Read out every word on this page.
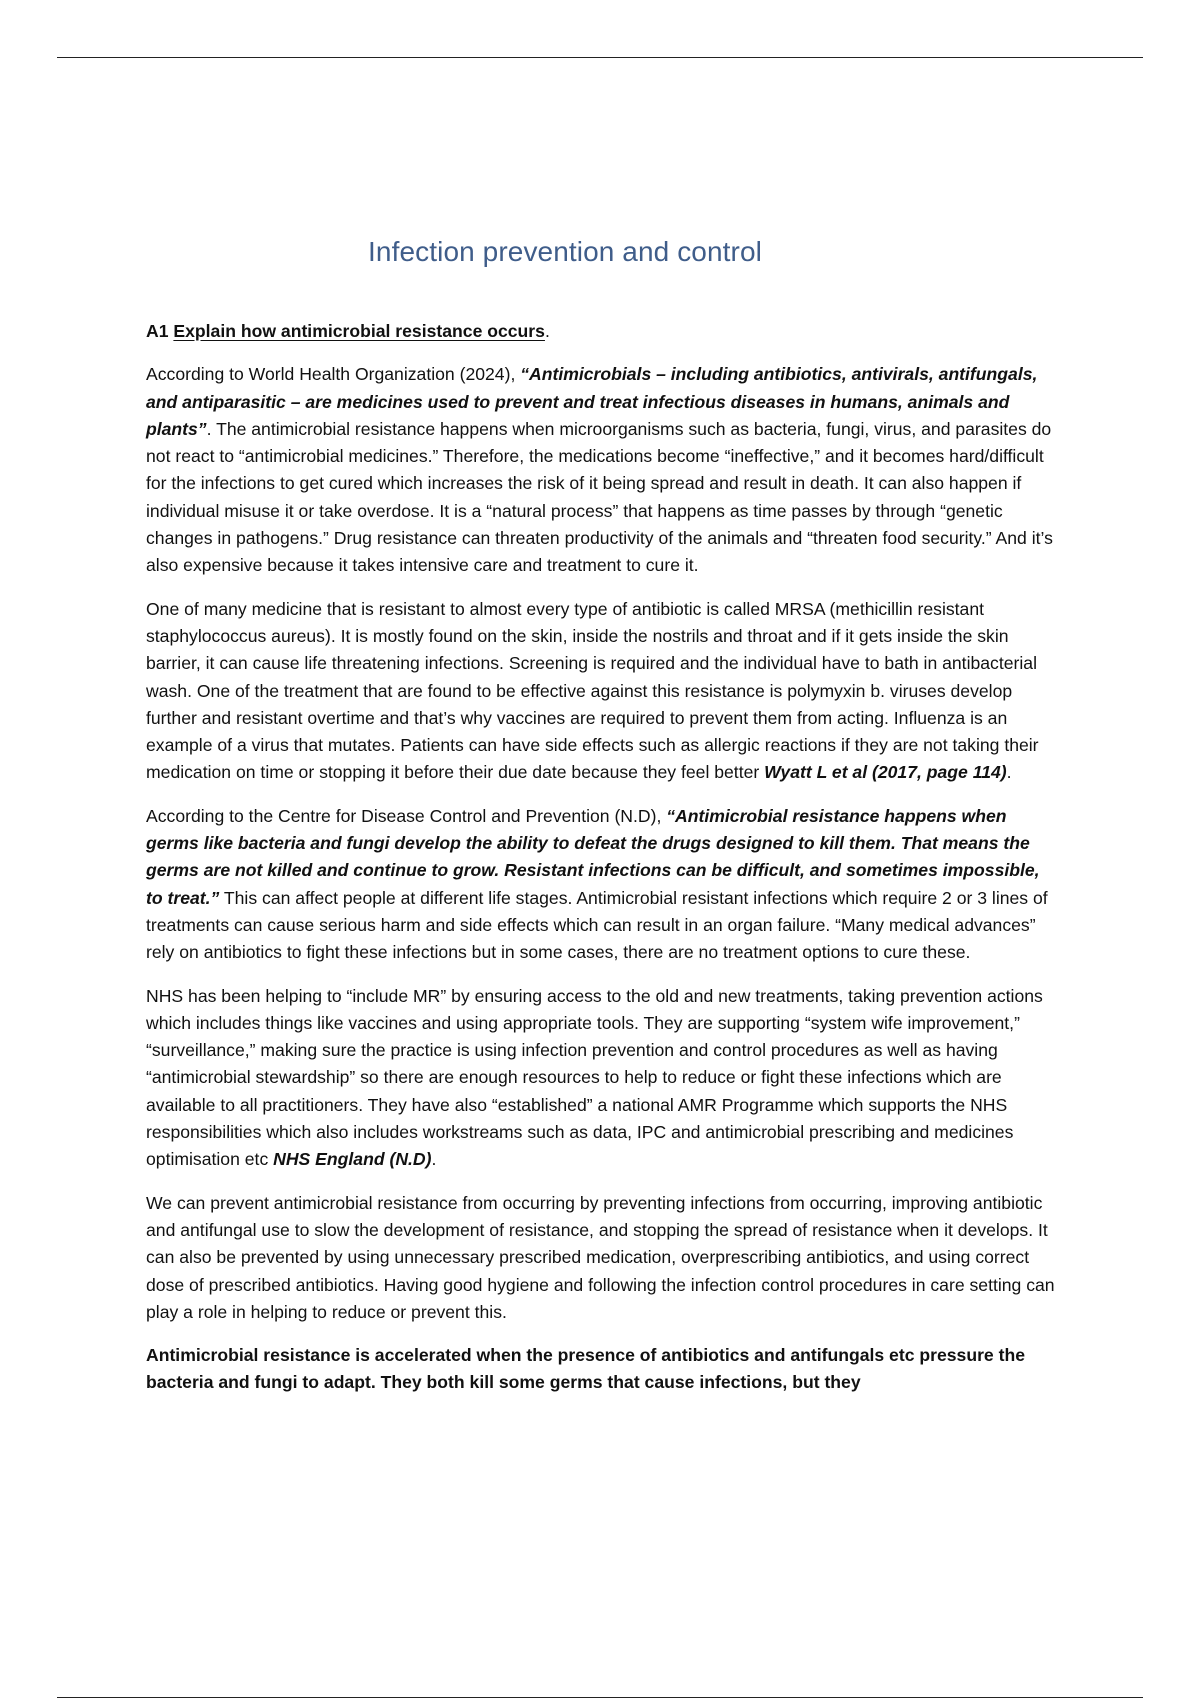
Infection prevention and control

A1 Explain how antimicrobial resistance occurs.

According to World Health Organization (2024), “Antimicrobials – including antibiotics, antivirals, antifungals, and antiparasitic – are medicines used to prevent and treat infectious diseases in humans, animals and plants”. The antimicrobial resistance happens when microorganisms such as bacteria, fungi, virus, and parasites do not react to “antimicrobial medicines.” Therefore, the medications become “ineffective,” and it becomes hard/difficult for the infections to get cured which increases the risk of it being spread and result in death. It can also happen if individual misuse it or take overdose. It is a “natural process” that happens as time passes by through “genetic changes in pathogens.” Drug resistance can threaten productivity of the animals and “threaten food security.” And it’s also expensive because it takes intensive care and treatment to cure it.

One of many medicine that is resistant to almost every type of antibiotic is called MRSA (methicillin resistant staphylococcus aureus). It is mostly found on the skin, inside the nostrils and throat and if it gets inside the skin barrier, it can cause life threatening infections. Screening is required and the individual have to bath in antibacterial wash. One of the treatment that are found to be effective against this resistance is polymyxin b. viruses develop further and resistant overtime and that’s why vaccines are required to prevent them from acting. Influenza is an example of a virus that mutates. Patients can have side effects such as allergic reactions if they are not taking their medication on time or stopping it before their due date because they feel better Wyatt L et al (2017, page 114).

According to the Centre for Disease Control and Prevention (N.D), “Antimicrobial resistance happens when germs like bacteria and fungi develop the ability to defeat the drugs designed to kill them. That means the germs are not killed and continue to grow. Resistant infections can be difficult, and sometimes impossible, to treat.” This can affect people at different life stages. Antimicrobial resistant infections which require 2 or 3 lines of treatments can cause serious harm and side effects which can result in an organ failure. “Many medical advances” rely on antibiotics to fight these infections but in some cases, there are no treatment options to cure these.

NHS has been helping to “include MR” by ensuring access to the old and new treatments, taking prevention actions which includes things like vaccines and using appropriate tools. They are supporting “system wife improvement,” “surveillance,” making sure the practice is using infection prevention and control procedures as well as having “antimicrobial stewardship” so there are enough resources to help to reduce or fight these infections which are available to all practitioners. They have also “established” a national AMR Programme which supports the NHS responsibilities which also includes workstreams such as data, IPC and antimicrobial prescribing and medicines optimisation etc NHS England (N.D).

We can prevent antimicrobial resistance from occurring by preventing infections from occurring, improving antibiotic and antifungal use to slow the development of resistance, and stopping the spread of resistance when it develops. It can also be prevented by using unnecessary prescribed medication, overprescribing antibiotics, and using correct dose of prescribed antibiotics. Having good hygiene and following the infection control procedures in care setting can play a role in helping to reduce or prevent this.

Antimicrobial resistance is accelerated when the presence of antibiotics and antifungals etc pressure the bacteria and fungi to adapt. They both kill some germs that cause infections, but they
